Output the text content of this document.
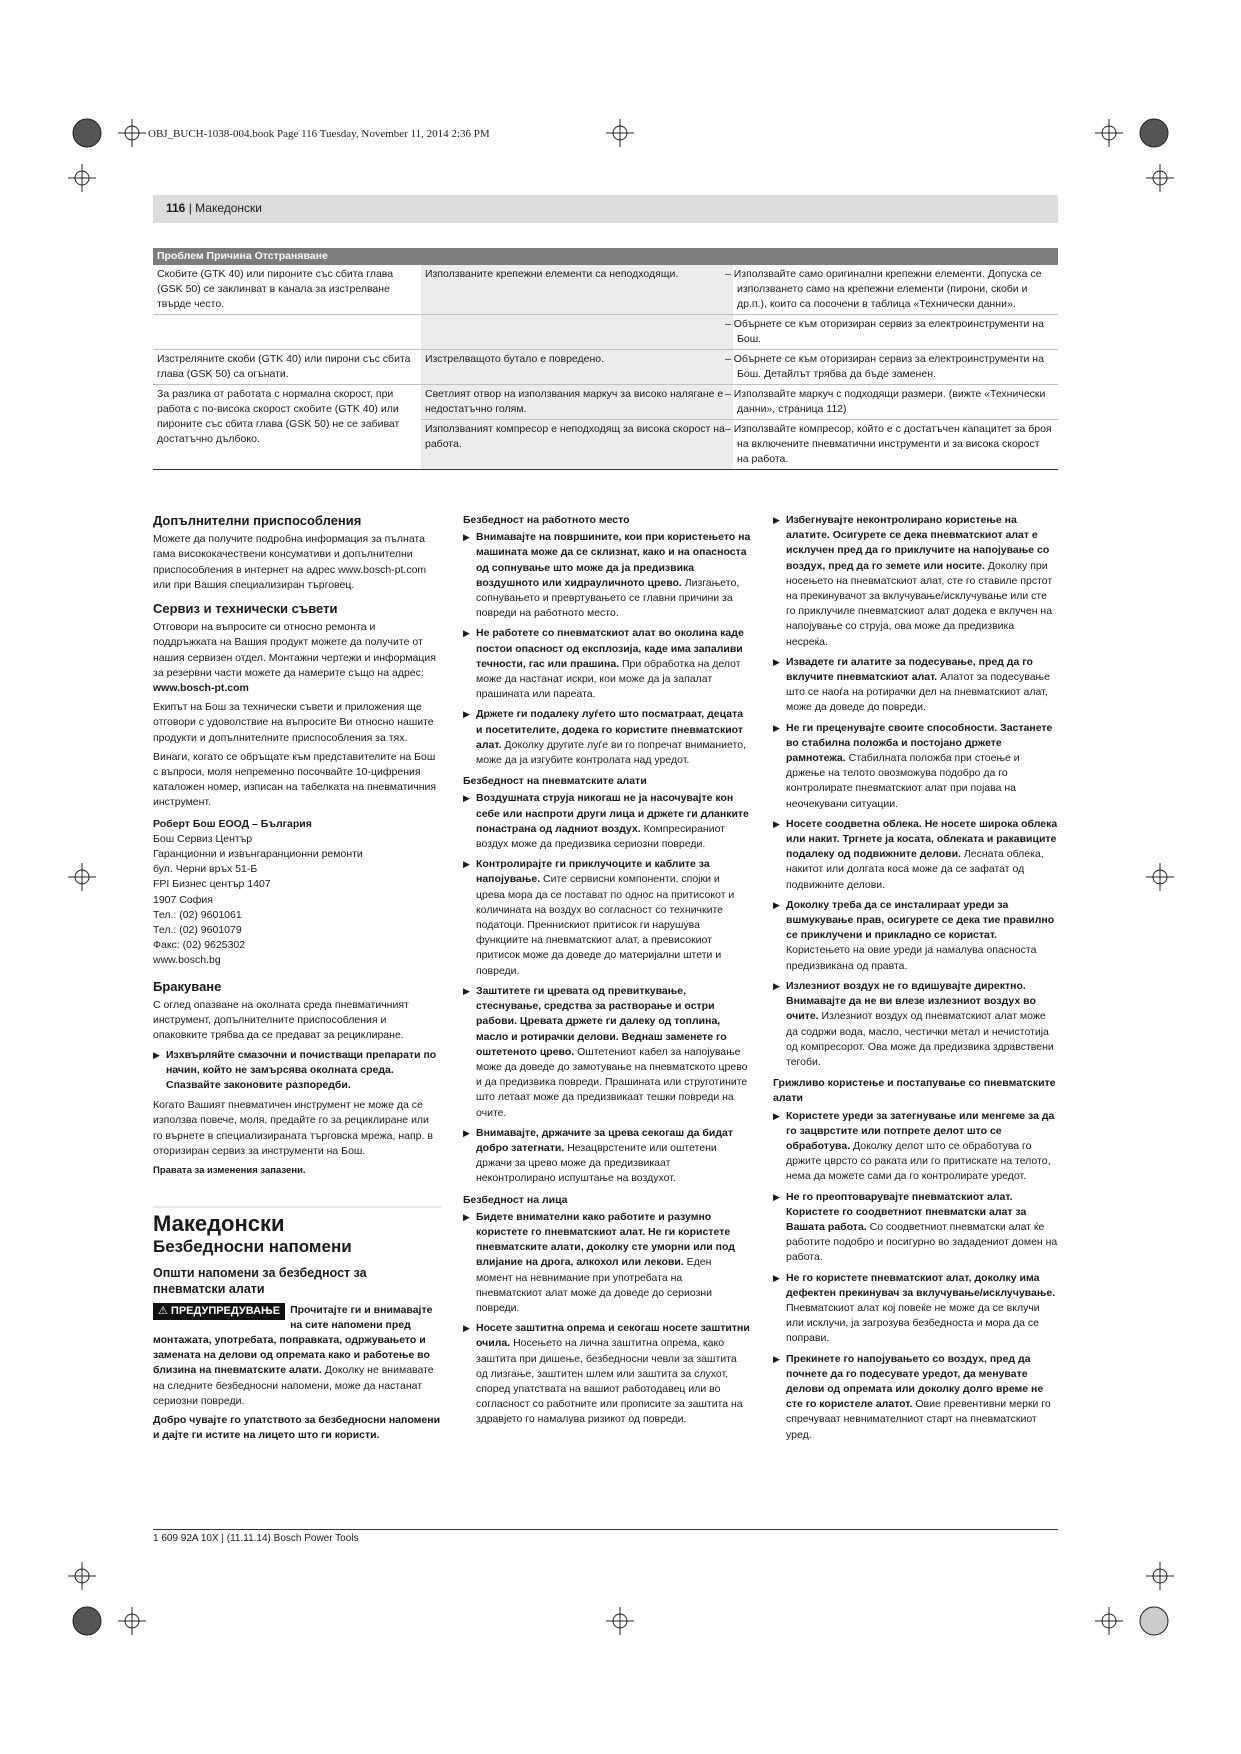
OBJ_BUCH-1038-004.book Page 116 Tuesday, November 11, 2014 2:36 PM
116 | Македонски
Проблем Причина Отстраняване		
Скобите (GTK 40) или пироните със сбита глава (GSK 50) се заклинват в канала за изстрелване твърде често.	Използваните крепежни елементи са неподходящи.	– Използвайте само оригинални крепежни елементи. Допуска се използването само на крепежни елементи (пирони, скоби и др.п.), които са посочени в таблица «Технически данни».
		– Обърнете се към оторизиран сервиз за електроинструменти на Бош.
Изстреляните скоби (GTK 40) или пирони със сбита глава (GSK 50) са огънати.	Изстрелващото бутало е повредено.	– Обърнете се към оторизиран сервиз за електроинструменти на Бош. Детайлът трябва да бъде заменен.
За разлика от работата с нормална скорост, при работа с по-висока скорост скобите (GTK 40) или пироните със сбита глава (GSK 50) не се забиват достатъчно дълбоко.	Светлият отвор на използвания маркуч за високо налягане е недостатъчно голям.	– Използвайте маркуч с подходящи размери. (вижте «Технически данни», страница 112)
	Използваният компресор е неподходящ за висока скорост на работа.	– Използвайте компресор, който е с достатъчен капацитет за броя на включените пневматични инструменти и за висока скорост на работа.
Допълнителни приспособления

Можете да получите подробна информация за пълната гама висококачествени консумативи и допълнителни приспособления в интернет на адрес www.bosch-pt.com или при Вашия специализиран търговец.

Сервиз и технически съвети

Отговори на въпросите си относно ремонта и поддръжката на Вашия продукт можете да получите от нашия сервизен отдел. Монтажни чертежи и информация за резервни части можете да намерите също на адрес:

www.bosch-pt.com

Екипът на Бош за технически съвети и приложения ще отговори с удоволствие на въпросите Ви относно нашите продукти и допълнителните приспособления за тях.

Винаги, когато се обръщате към представителите на Бош с въпроси, моля непременно посочвайте 10-цифрения каталожен номер, изписан на табелката на пневматичния инструмент.

Роберт Бош ЕООД – България

Бош Сервиз Център
Гаранционни и извънгаранционни ремонти
бул. Черни връх 51-Б
FPI Бизнес център 1407
1907 София
Тел.: (02) 9601061
Тел.: (02) 9601079
Факс: (02) 9625302
www.bosch.bg
Бракуване

С оглед опазване на околната среда пневматичният инструмент, допълнителните приспособления и опаковките трябва да се предават за рециклиране.

▶ Изхвърляйте смазочни и почистващи препарати по начин, който не замърсява околната среда. Спазвайте законовите разпоредби.

Когато Вашият пневматичен инструмент не може да се използва повече, моля, предайте го за рециклиране или го върнете в специализираната търговска мрежа, напр. в оторизиран сервиз за инструменти на Бош.

Правата за изменения запазени.

Македонски
Безбедносни напомени
Општи напомени за безбедност за пневматски алати

⚠ ПРЕДУПРЕДУВАЊЕ Прочитајте ги и внимавајте на сите напомени пред монтажата, употребата, поправката, одржувањето и замената на делови од опремата како и работење во близина на пневматските алати. Доколку не внимавате на следните безбедносни напомени, може да настанат сериозни повреди.

Добро чувајте го упатството за безбедносни напомени и дајте ги истите на лицето што ги користи.

Безбедност на работното место
▶ Внимавајте на површините, кои при користењето на машината може да се склизнат, како и на опасноста од сопнување што може да ја предизвика воздушното или хидрауличното црево. Лизгањето, сопнувањето и превртувањето се главни причини за повреди на работното место.
▶ Не работете со пневматскиот алат во околина каде постои опасност од експлозија, каде има запаливи течности, гас или прашина. При обработка на делот може да настанат искри, кои може да ја запалат прашината или пареата.
▶ Држете ги подалеку луѓето што посматраат, децата и посетителите, додека го користите пневматскиот алат. Доколку другите луѓе ви го попречат вниманието, може да ја изгубите контролата над уредот.
Безбедност на пневматските алати
▶ Воздушната струја никогаш не ја насочувајте кон себе или наспроти други лица и држете ги дланките понастрана од ладниот воздух. Компресираниот воздух може да предизвика сериозни повреди.
▶ Контролирајте ги приклучоците и каблите за напојување. Сите сервисни компоненти, спојки и црева мора да се постават по однос на притисокот и количината на воздух во согласност со техничките податоци. Преннискиот притисок ги нарушува функциите на пневматскиот алат, а превисокиот притисок може да доведе до материјални штети и повреди.
▶ Заштитете ги цревата од превиткување, стеснување, средства за растворање и остри рабови. Цревата држете ги далеку од топлина, масло и ротирачки делови. Веднаш заменете го оштетеното црево. Оштетениот кабел за напојување може да доведе до замотување на пневматското црево и да предизвика повреди. Прашината или струготините што летаат може да предизвикаат тешки повреди на очите.
▶ Внимавајте, држачите за црева секогаш да бидат добро затегнати. Незацврстените или оштетени држачи за црево може да предизвикаат неконтролирано испуштање на воздухот.
Безбедност на лица
▶ Бидете внимателни како работите и разумно користете го пневматскиот алат. Не ги користете пневматските алати, доколку сте уморни или под влијание на дрога, алкохол или лекови. Еден момент на невнимание при употребата на пневматскиот алат може да доведе до сериозни повреди.
▶ Носете заштитна опрема и секогаш носете заштитни очила. Носењето на лична заштитна опрема, како заштита при дишење, безбедносни чевли за заштита од лизгање, заштитен шлем или заштита за слухот, според упатствата на вашиот работодавец или во согласност со работните или прописите за заштита на здравјето го намалува ризикот од повреди.
▶ Избегнувајте неконтролирано користење на алатите. Осигурете се дека пневматскиот алат е исклучен пред да го приклучите на напојување со воздух, пред да го земете или носите. Доколку при носењето на пневматскиот алат, сте го ставиле прстот на прекинувачот за вклучување/исклучување или сте го приклучиле пневматскиот алат додека е вклучен на напојување со струја, ова може да предизвика несреќа.
▶ Извадете ги алатите за подесување, пред да го вклучите пневматскиот алат. Алатот за подесување што се наоѓа на ротирачки дел на пневматскиот алат, може да доведе до повреди.
▶ Не ги преценувајте своите способности. Застанете во стабилна положба и постојано држете рамнотежа. Стабилната положба при стоење и држење на телото овозможува подобро да го контролирате пневматскиот алат при појава на неочекувани ситуации.
▶ Носете соодветна облека. Не носете широка облека или накит. Тргнете ја косата, облеката и ракавиците подалеку од подвижните делови. Лесната облека, накитот или долгата коса може да се зафатат од подвижните делови.
▶ Доколку треба да се инсталираат уреди за вшмукување прав, осигурете се дека тие правилно се приклучени и прикладно се користат. Користењето на овие уреди ја намалува опасноста предизвикана од правта.
▶ Излезниот воздух не го вдишувајте директно. Внимавајте да не ви влезе излезниот воздух во очите. Излезниот воздух од пневматскиот алат може да содржи вода, масло, честички метал и нечистотија од компресорот. Ова може да предизвика здравствени тегоби.
Грижливо користење и постапување со пневматските алати
▶ Користете уреди за затегнување или менгеме за да го зацврстите или потпрете делот што се обработува. Доколку делот што се обработува го држите цврсто со раката или го притискате на телото, нема да можете сами да го контролирате уредот.
▶ Не го преоптоварувајте пневматскиот алат. Користете го соодветниот пневматски алат за Вашата работа. Со соодветниот пневматски алат ќе работите подобро и посигурно во зададениот домен на работа.
▶ Не го користете пневматскиот алат, доколку има дефектен прекинувач за вклучување/исклучување. Пневматскиот алат кој повеќе не може да се вклучи или исклучи, ја загрозува безбедноста и мора да се поправи.
▶ Прекинете го напојувањето со воздух, пред да почнете да го подесувате уредот, да менувате делови од опремата или доколку долго време не сте го користеле алатот. Овие превентивни мерки го спречуваат невнимателниот старт на пневматскиот уред.
1 609 92A 10X | (11.11.14) Bosch Power Tools
